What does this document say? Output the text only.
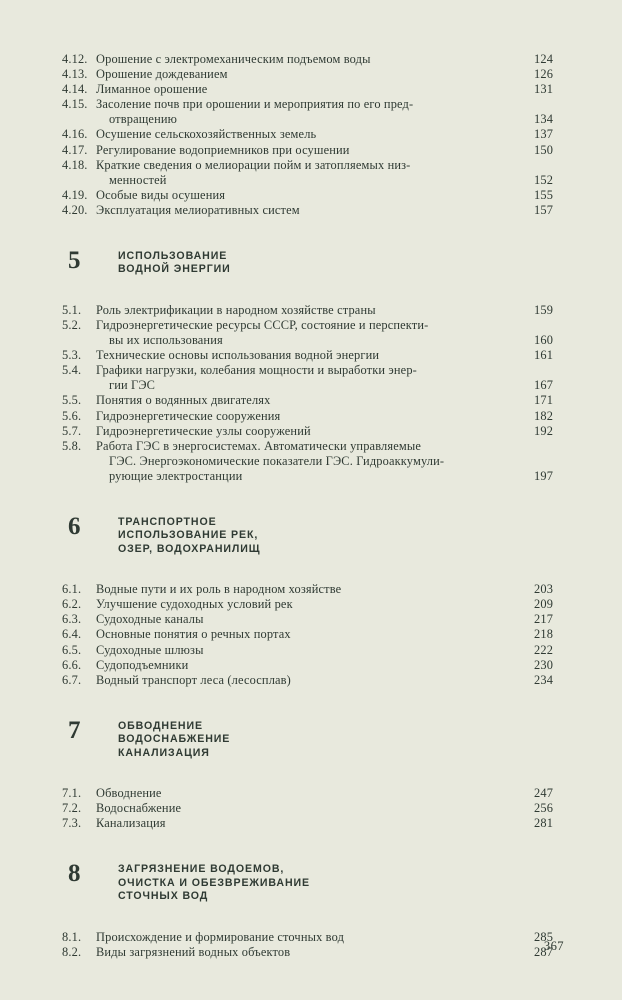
4.12. Орошение с электромеханическим подъемом воды	124
4.13. Орошение дождеванием	126
4.14. Лиманное орошение	131
4.15. Засоление почв при орошении и мероприятия по его пред-
отвращению	134
4.16. Осушение сельскохозяйственных земель	137
4.17. Регулирование водоприемников при осушении	150
4.18. Краткие сведения о мелиорации пойм и затопляемых низ-
менностей	152
4.19. Особые виды осушения	155
4.20. Эксплуатация мелиоративных систем	157
5	ИСПОЛЬЗОВАНИЕ
ВОДНОЙ ЭНЕРГИИ
5.1.	Роль электрификации в народном хозяйстве страны	159
5.2.	Гидроэнергетические ресурсы СССР, состояние и перспекти-
вы их использования	160
5.3.	Технические основы использования водной энергии	161
5.4.	Графики нагрузки, колебания мощности и выработки энер-
гии ГЭС	167
5.5.	Понятия о водянных двигателях	171
5.6.	Гидроэнергетические сооружения	182
5.7.	Гидроэнергетические узлы сооружений	192
5.8.	Работа ГЭС в энергосистемах. Автоматически управляемые
ГЭС. Энергоэкономические показатели ГЭС. Гидроаккумули-
рующие электростанции	197
6	ТРАНСПОРТНОЕ
ИСПОЛЬЗОВАНИЕ РЕК,
ОЗЕР, ВОДОХРАНИЛИЩ
6.1.	Водные пути и их роль в народном хозяйстве	203
6.2.	Улучшение судоходных условий рек	209
6.3.	Судоходные каналы	217
6.4.	Основные понятия о речных портах	218
6.5.	Судоходные шлюзы	222
6.6.	Судоподъемники	230
6.7.	Водный транспорт леса (лесосплав)	234
7	ОБВОДНЕНИЕ
ВОДОСНАБЖЕНИЕ
КАНАЛИЗАЦИЯ
7.1.	Обводнение	247
7.2.	Водоснабжение	256
7.3.	Канализация	281
8	ЗАГРЯЗНЕНИЕ ВОДОЕМОВ,
ОЧИСТКА И ОБЕЗВРЕЖИВАНИЕ
СТОЧНЫХ ВОД
8.1.	Происхождение и формирование сточных вод	285
8.2.	Виды загрязнений водных объектов	287
367
